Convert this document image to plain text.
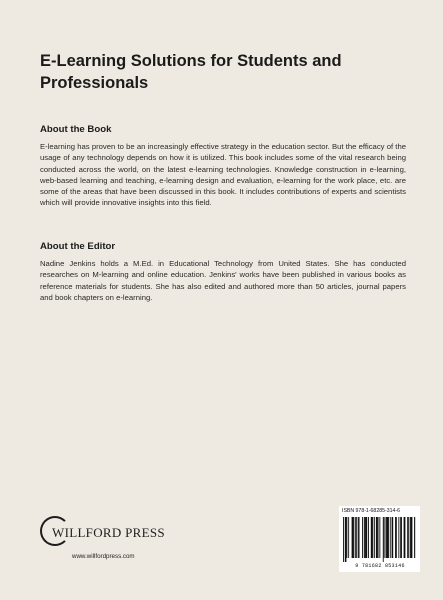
E-Learning Solutions for Students and Professionals
About the Book
E-learning has proven to be an increasingly effective strategy in the education sector. But the efficacy of the usage of any technology depends on how it is utilized. This book includes some of the vital research being conducted across the world, on the latest e-learning technologies. Knowledge construction in e-learning, web-based learning and teaching, e-learning design and evaluation, e-learning for the work place, etc. are some of the areas that have been discussed in this book. It includes contributions of experts and scientists which will provide innovative insights into this field.
About the Editor
Nadine Jenkins holds a M.Ed. in Educational Technology from United States. She has conducted researches on M-learning and online education. Jenkins' works have been published in various books as reference materials for students. She has also edited and authored more than 50 articles, journal papers and book chapters on e-learning.
WILLFORD PRESS
www.willfordpress.com
ISBN 978-1-68285-314-6
9 781682 853146
